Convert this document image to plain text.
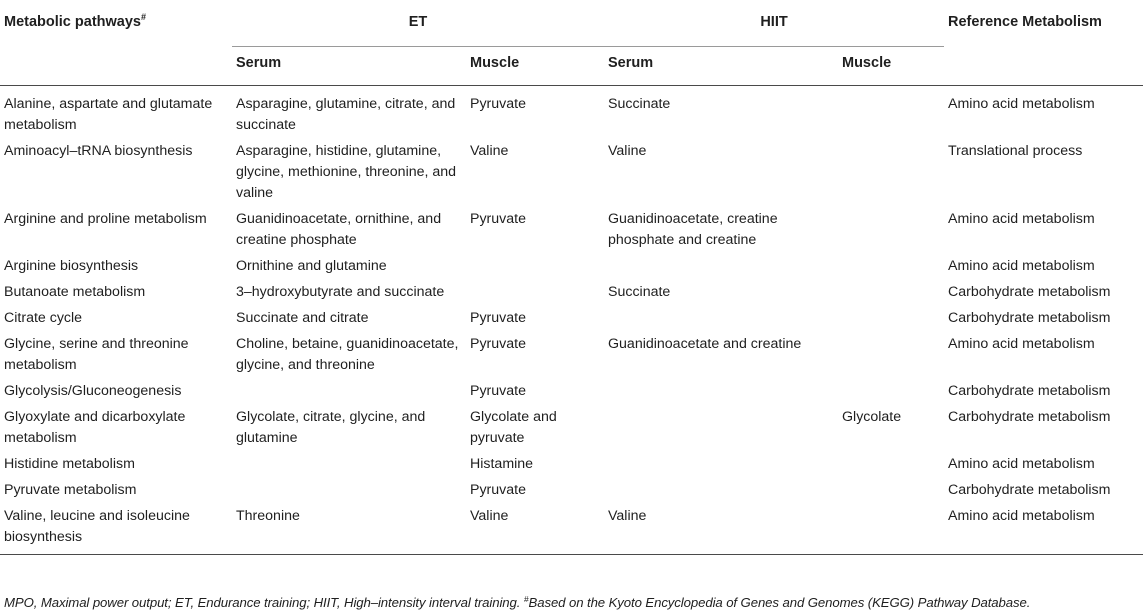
Metabolic pathways#	ET		HIIT		Reference Metabolism
	Serum	Muscle	Serum	Muscle	
Alanine, aspartate and glutamate metabolism	Asparagine, glutamine, citrate, and succinate	Pyruvate	Succinate		Amino acid metabolism
Aminoacyl–tRNA biosynthesis	Asparagine, histidine, glutamine, glycine, methionine, threonine, and valine	Valine	Valine		Translational process
Arginine and proline metabolism	Guanidinoacetate, ornithine, and creatine phosphate	Pyruvate	Guanidinoacetate, creatine phosphate and creatine		Amino acid metabolism
Arginine biosynthesis	Ornithine and glutamine				Amino acid metabolism
Butanoate metabolism	3–hydroxybutyrate and succinate		Succinate		Carbohydrate metabolism
Citrate cycle	Succinate and citrate	Pyruvate			Carbohydrate metabolism
Glycine, serine and threonine metabolism	Choline, betaine, guanidinoacetate, glycine, and threonine	Pyruvate	Guanidinoacetate and creatine		Amino acid metabolism
Glycolysis/Gluconeogenesis		Pyruvate			Carbohydrate metabolism
Glyoxylate and dicarboxylate metabolism	Glycolate, citrate, glycine, and glutamine	Glycolate and pyruvate		Glycolate	Carbohydrate metabolism
Histidine metabolism		Histamine			Amino acid metabolism
Pyruvate metabolism		Pyruvate			Carbohydrate metabolism
Valine, leucine and isoleucine biosynthesis	Threonine	Valine	Valine		Amino acid metabolism
MPO, Maximal power output; ET, Endurance training; HIIT, High–intensity interval training. #Based on the Kyoto Encyclopedia of Genes and Genomes (KEGG) Pathway Database.
